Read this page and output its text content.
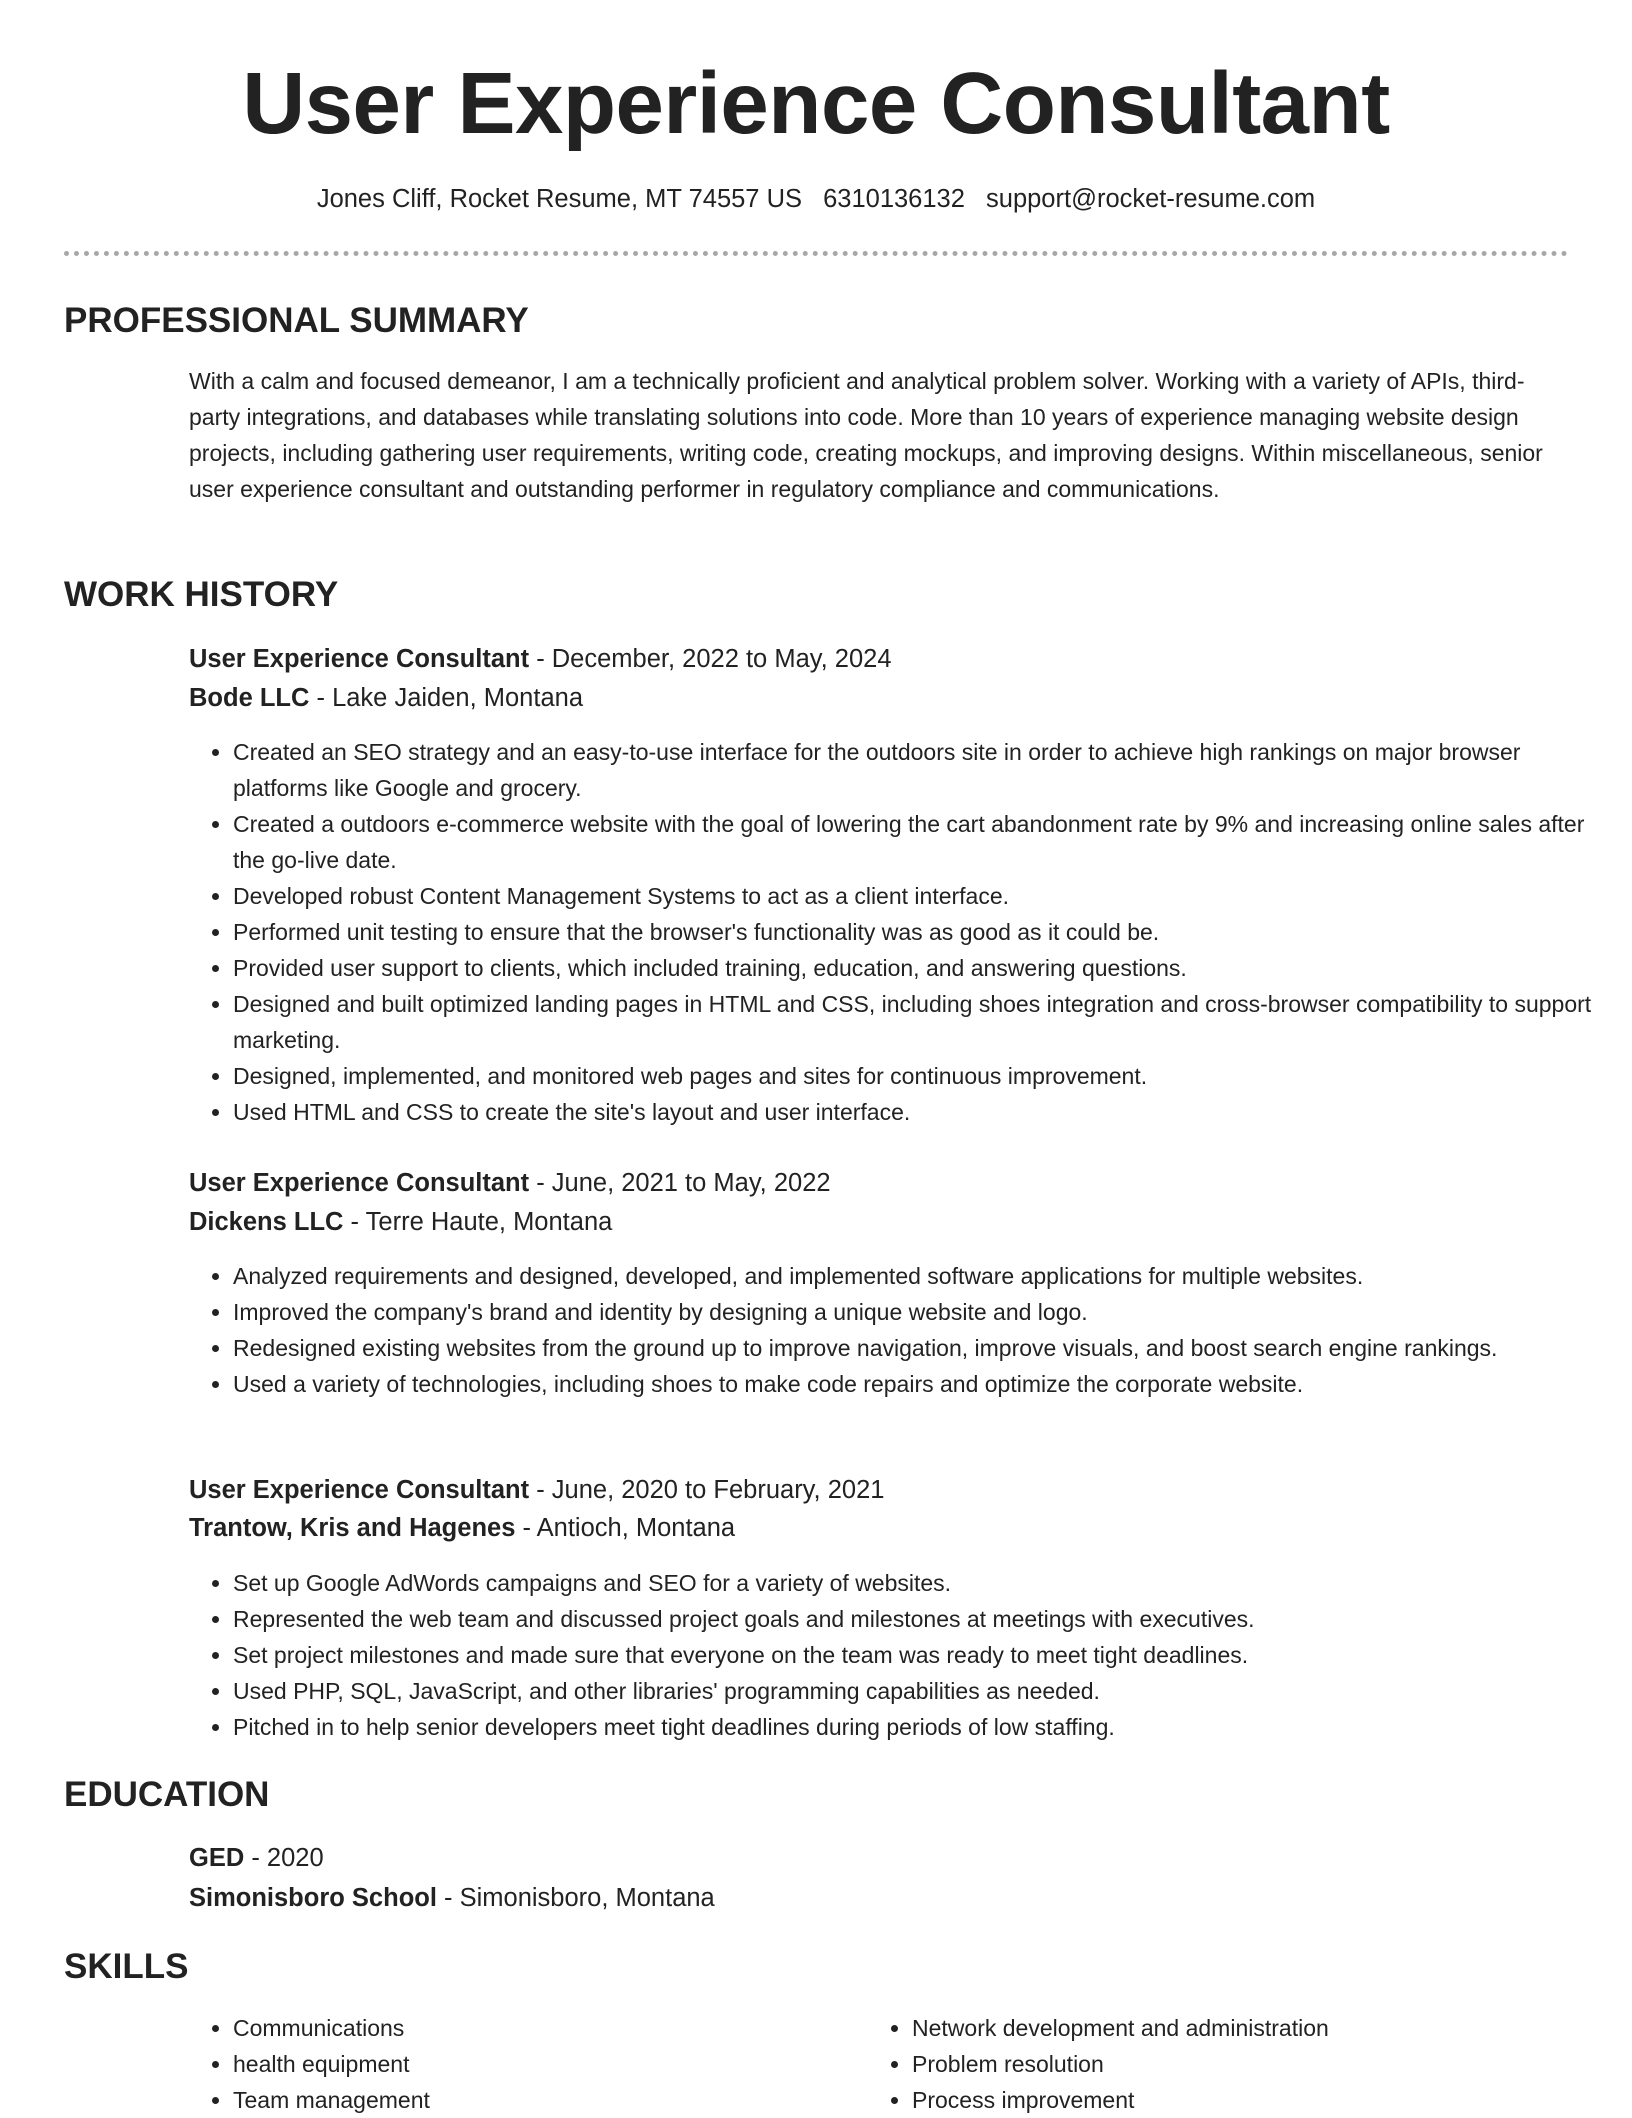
User Experience Consultant
Jones Cliff, Rocket Resume, MT 74557 US 6310136132 support@rocket-resume.com
PROFESSIONAL SUMMARY

With a calm and focused demeanor, I am a technically proficient and analytical problem solver. Working with a variety of APIs, third-party integrations, and databases while translating solutions into code. More than 10 years of experience managing website design projects, including gathering user requirements, writing code, creating mockups, and improving designs. Within miscellaneous, senior user experience consultant and outstanding performer in regulatory compliance and communications.

WORK HISTORY
User Experience Consultant - December, 2022 to May, 2024
Bode LLC - Lake Jaiden, Montana
• Created an SEO strategy and an easy-to-use interface for the outdoors site in order to achieve high rankings on major browser platforms like Google and grocery.
• Created a outdoors e-commerce website with the goal of lowering the cart abandonment rate by 9% and increasing online sales after the go-live date.
• Developed robust Content Management Systems to act as a client interface.
• Performed unit testing to ensure that the browser's functionality was as good as it could be.
• Provided user support to clients, which included training, education, and answering questions.
• Designed and built optimized landing pages in HTML and CSS, including shoes integration and cross-browser compatibility to support marketing.
• Designed, implemented, and monitored web pages and sites for continuous improvement.
• Used HTML and CSS to create the site's layout and user interface.
User Experience Consultant - June, 2021 to May, 2022
Dickens LLC - Terre Haute, Montana
• Analyzed requirements and designed, developed, and implemented software applications for multiple websites.
• Improved the company's brand and identity by designing a unique website and logo.
• Redesigned existing websites from the ground up to improve navigation, improve visuals, and boost search engine rankings.
• Used a variety of technologies, including shoes to make code repairs and optimize the corporate website.
User Experience Consultant - June, 2020 to February, 2021
Trantow, Kris and Hagenes - Antioch, Montana
• Set up Google AdWords campaigns and SEO for a variety of websites.
• Represented the web team and discussed project goals and milestones at meetings with executives.
• Set project milestones and made sure that everyone on the team was ready to meet tight deadlines.
• Used PHP, SQL, JavaScript, and other libraries' programming capabilities as needed.
• Pitched in to help senior developers meet tight deadlines during periods of low staffing.
EDUCATION
GED - 2020
Simonisboro School - Simonisboro, Montana
SKILLS
• Communications
• health equipment
• Team management
• Network development and administration
• Problem resolution
• Process improvement
